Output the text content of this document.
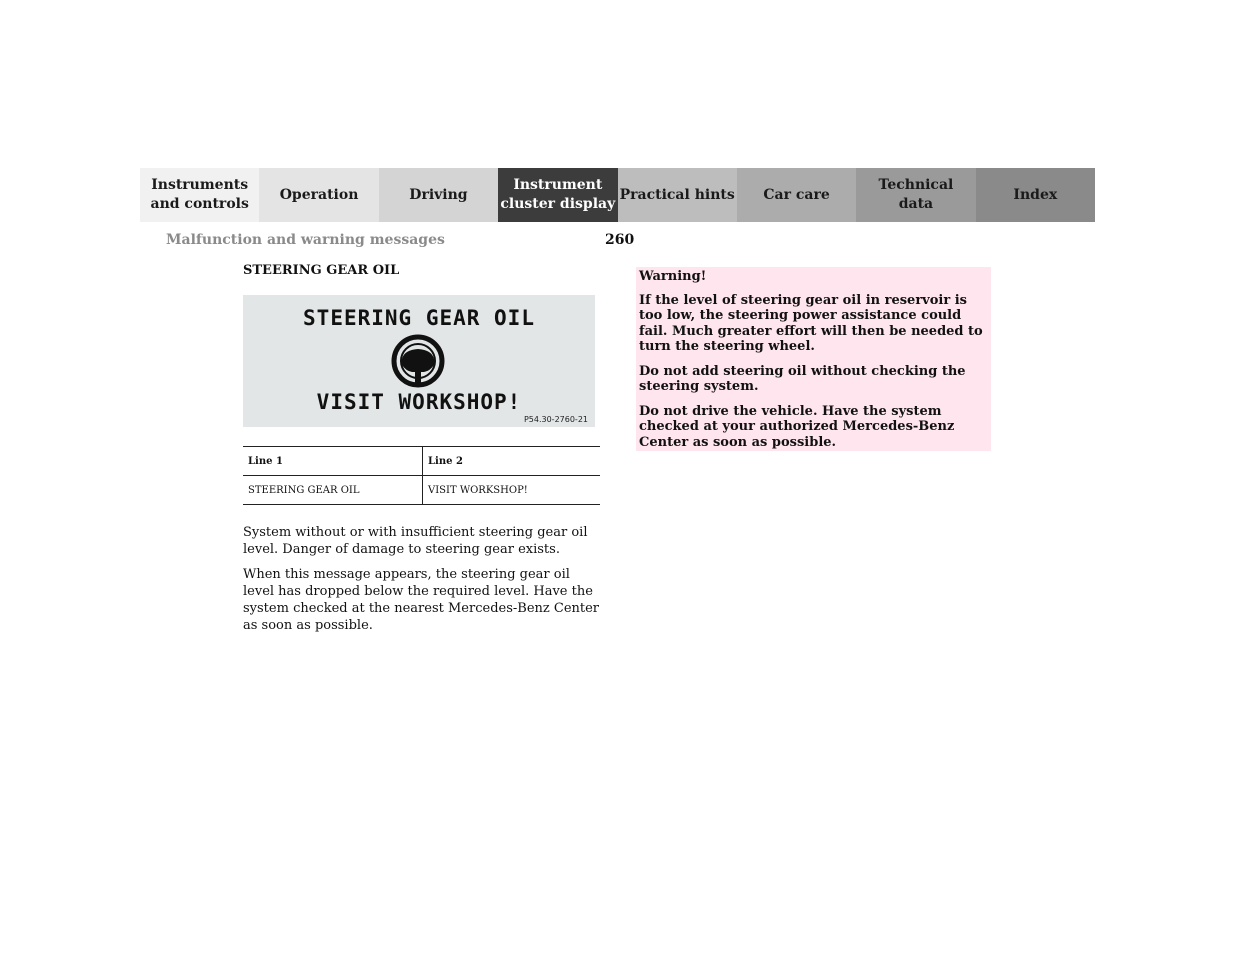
Instruments
and controls
Operation	Driving
Instrument
cluster display
Practical hints	Car care
Technical
data
Index
Malfunction and warning messages	260
STEERING GEAR OIL
STEERING GEAR OIL
VISIT WORKSHOP!
P54.30-2760-21
Line 1	Line 2
STEERING GEAR OIL	VISIT WORKSHOP!

System without or with insufficient steering gear oil level. Danger of damage to steering gear exists.

When this message appears, the steering gear oil level has dropped below the required level. Have the system checked at the nearest Mercedes-Benz Center as soon as possible.

Warning!

If the level of steering gear oil in reservoir is too low, the steering power assistance could fail. Much greater effort will then be needed to turn the steering wheel.

Do not add steering oil without checking the steering system.

Do not drive the vehicle. Have the system checked at your authorized Mercedes-Benz Center as soon as possible.
